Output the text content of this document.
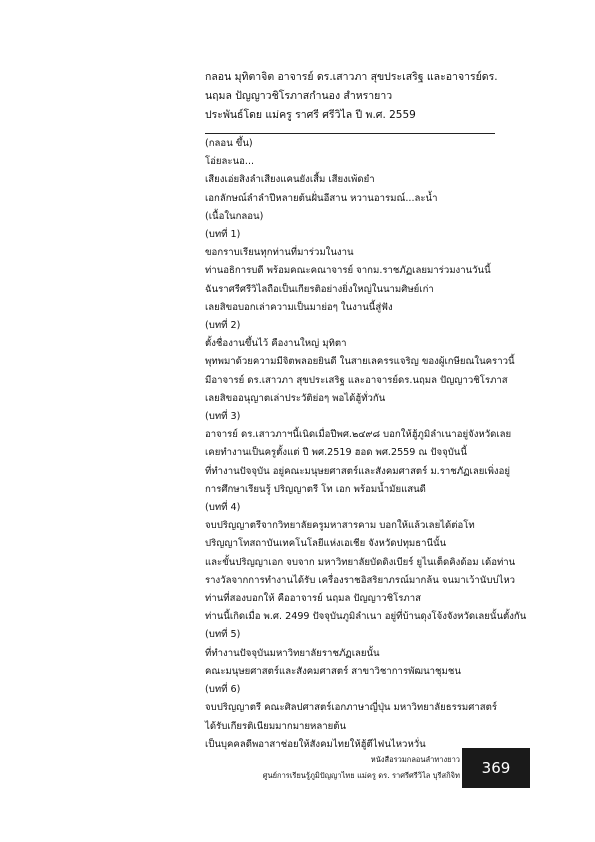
กลอน มุทิตาจิต อาจารย์ ดร.เสาวภา สุขประเสริฐ และอาจารย์ดร.
นฤมล ปัญญาวชิโรภาสกำนอง สำหรายาว
ประพันธ์โดย แม่ครู ราศรี ศรีวิไล ปี พ.ศ. 2559
(กลอน ขึ้น)
โอ่ยละนอ...
เสียงเอ่ยสิงลำเสียงแคนยังเสี้ม เสียงเพ้ดยำ
เอกลักษณ์ลำลำปีหลายต้นฝั่นอีสาน หวานอารมณ์...ละน้ำ
(เนื้อในกลอน)
(บทที่ 1)
ขอกราบเรียนทุกท่านที่มาร่วมในงาน
ท่านอธิการบดี พร้อมคณะคณาจารย์ จากม.ราชภัฏเลยมาร่วมงานวันนี้
ฉันราศรีศรีวิไลถือเป็นเกียรติอย่างยิ่งใหญ่ในนามศิษย์เก่า
เลยสิขอบอกเล่าความเป็นมาย่อๆ ในงานนี้สู่ฟัง
(บทที่ 2)
ตั้งชื่องานขึ้นไว้ คืองานใหญ่ มุทิตา
พุทพมาด้วยความมีจิตพลอยยินดี ในสายเลครรแจริญ ของผู้เกษียณในคราวนี้
มีอาจารย์ ดร.เสาวภา สุขประเสริฐ และอาจารย์ดร.นฤมล ปัญญาวชิโรภาส
เลยสิขออนุญาตเล่าประวัติย่อๆ พอได้ฮู้ทั่วกัน
(บทที่ 3)
อาจารย์ ดร.เสาวภาฯนี้เนิดเมื่อปีพศ.๒๔๙๘ บอกให้ฮู้ภูมิลำเนาอยู่จังหวัดเลย
เคยทำงานเป็นครูตั้งแต่ ปี พศ.2519 ฮอด พศ.2559 ณ ปัจจุบันนี้
ที่ทำงานปัจจุบัน อยู่คณะมนุษยศาสตร์และสังคมศาสตร์ ม.ราชภัฏเลยเพิ่งอยู่
การศึกษาเรียนรู้ ปริญญาตรี โท เอก พร้อมน้ำมัยแสนดี
(บทที่ 4)
จบปริญญาตรีจากวิทยาลัยครูมหาสารคาม บอกให้แล้วเลยได้ต่อโท
ปริญญาโทสถาบันเทคโนโลยีแห่งเอเชีย จังหวัดปทุมธานีนั้น
และขั้นปริญญาเอก จบจาก มหาวิทยาลัยบัดดิงเบียร์ ยูไนเต็ดคิงด้อม เด้อท่าน
รางวัลจากการทำงานได้รับ เครื่องราชอิสริยาภรณ์มากล้น จนมาเว้านับบ่ไหว
ท่านที่สองบอกให้ คืออาจารย์ นฤมล ปัญญาวชิโรภาส
ท่านนี้เกิดเมื่อ พ.ศ. 2499 ปัจจุบันภูมิลำเนา อยู่ที่บ้านดุงโจ้งจังหวัดเลยนั้นตั้งกัน
(บทที่ 5)
ที่ทำงานปัจจุบันมหาวิทยาลัยราชภัฏเลยนั้น
คณะมนุษยศาสตร์และสังคมศาสตร์ สาขาวิชาการพัฒนาชุมชน
(บทที่ 6)
จบปริญญาตรี คณะศิลปศาสตร์เอกภาษาญี่ปุ่น มหาวิทยาลัยธรรมศาสตร์
ได้รับเกียรติเนียมมากมายหลายต้น
เป็นบุคคลดีพอาสาช่อยให้สังคมไทยให้ฮู้ตีไฟนไหวหวั่น
หนังสือรวมกลอนลำทางยาว
ศูนย์การเรียนรู้ภูมิปัญญาไทย แม่ครู ดร. ราศรีศรีวิไล บุรีสกิจิท	369
